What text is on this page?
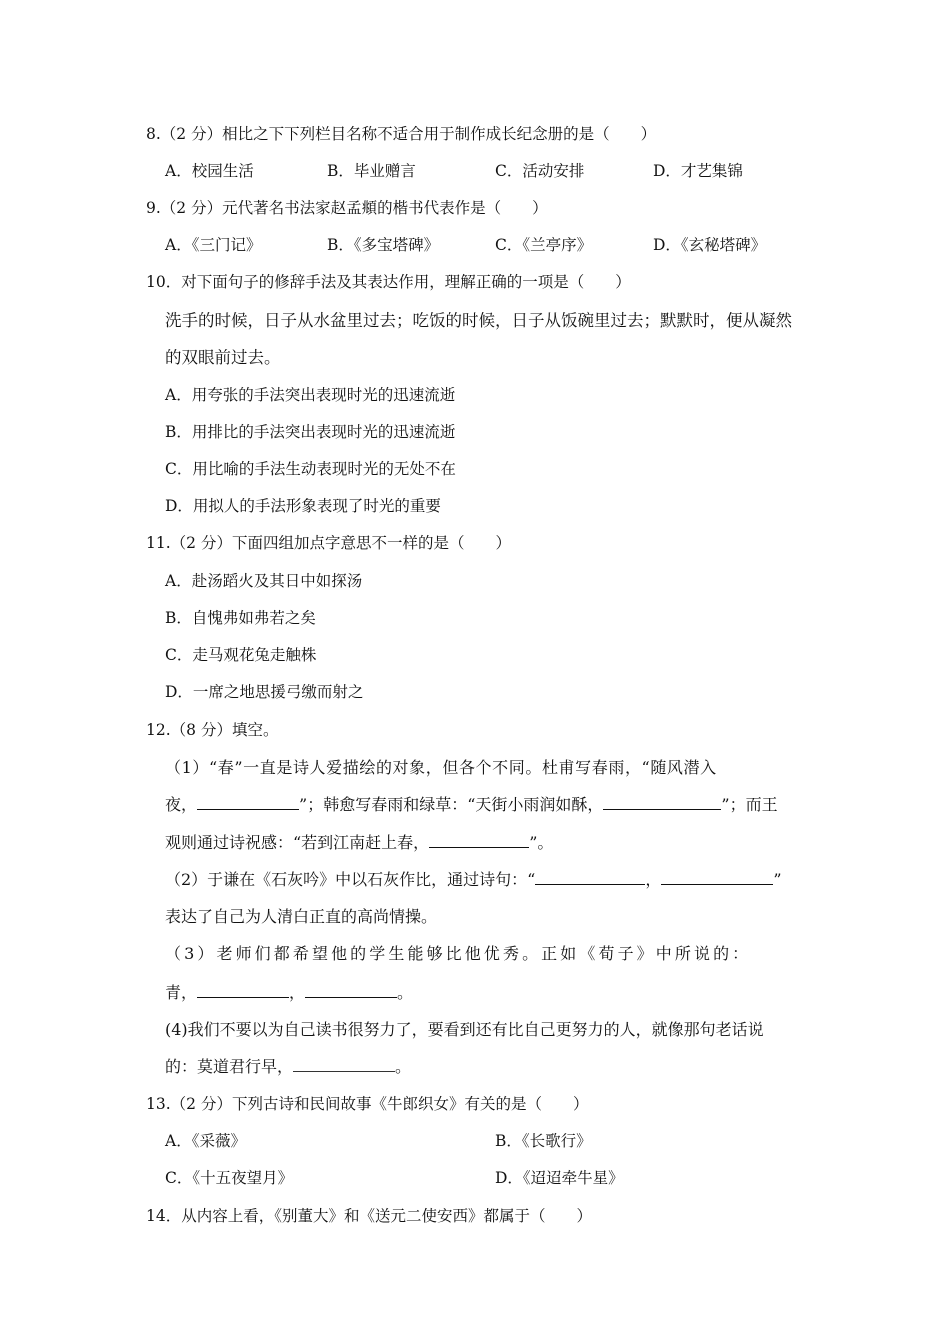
8.（2 分）相比之下下列栏目名称不适合用于制作成长纪念册的是（　　）
A．校园生活	B．毕业赠言	C．活动安排	D．才艺集锦
9.（2 分）元代著名书法家赵孟頫的楷书代表作是（　　）
A．《三门记》	B．《多宝塔碑》	C．《兰亭序》	D．《玄秘塔碑》
10．对下面句子的修辞手法及其表达作用，理解正确的一项是（　　）
洗手的时候，日子从水盆里过去；吃饭的时候，日子从饭碗里过去；默默时，便从凝然
的双眼前过去。
A．用夸张的手法突出表现时光的迅速流逝
B．用排比的手法突出表现时光的迅速流逝
C．用比喻的手法生动表现时光的无处不在
D．用拟人的手法形象表现了时光的重要
11.（2 分）下面四组加点字意思不一样的是（　　）
A．赴汤蹈火及其日中如探汤
B．自愧弗如弗若之矣
C．走马观花兔走触株
D．一席之地思援弓缴而射之
12.（8 分）填空。
（1）“春”一直是诗人爱描绘的对象，但各个不同。杜甫写春雨，“随风潜入
夜，	”；韩愈写春雨和绿草：“天街小雨润如酥，	”；而王
观则通过诗祝感：“若到江南赶上春，	”。
（2）于谦在《石灰吟》中以石灰作比，通过诗句：“	，	”
表达了自己为人清白正直的高尚情操。
（3）老师们都希望他的学生能够比他优秀。正如《荀子》中所说的：
青，	，	。
(4)我们不要以为自己读书很努力了，要看到还有比自己更努力的人，就像那句老话说
的：莫道君行早，	。
13.（2 分）下列古诗和民间故事《牛郎织女》有关的是（　　）
A．《采薇》	B．《长歌行》
C．《十五夜望月》	D．《迢迢牵牛星》
14．从内容上看，《别董大》和《送元二使安西》都属于（　　）
